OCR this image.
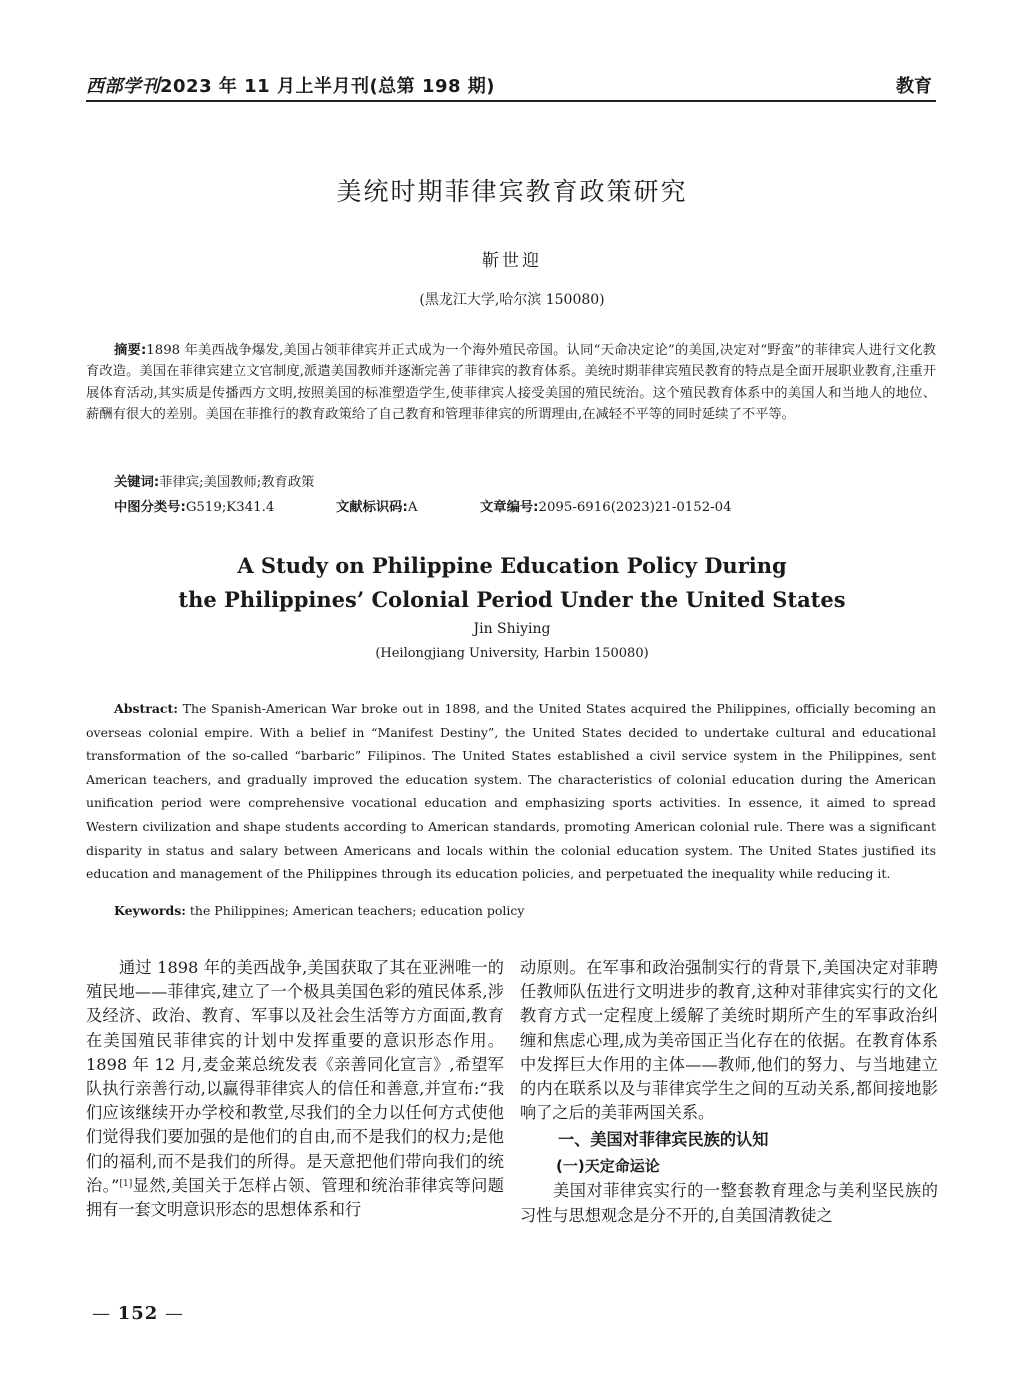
西部学刊2023 年 11 月上半月刊(总第 198 期)	教育
美统时期菲律宾教育政策研究
靳世迎
(黑龙江大学,哈尔滨 150080)

摘要:1898 年美西战争爆发,美国占领菲律宾并正式成为一个海外殖民帝国。认同“天命决定论”的美国,决定对“野蛮”的菲律宾人进行文化教育改造。美国在菲律宾建立文官制度,派遣美国教师并逐渐完善了菲律宾的教育体系。美统时期菲律宾殖民教育的特点是全面开展职业教育,注重开展体育活动,其实质是传播西方文明,按照美国的标准塑造学生,使菲律宾人接受美国的殖民统治。这个殖民教育体系中的美国人和当地人的地位、薪酬有很大的差别。美国在菲推行的教育政策给了自己教育和管理菲律宾的所谓理由,在减轻不平等的同时延续了不平等。

关键词:菲律宾;美国教师;教育政策

中图分类号:G519;K341.4	文献标识码:A	文章编号:2095-6916(2023)21-0152-04
A Study on Philippine Education Policy During
the Philippines’ Colonial Period Under the United States
Jin Shiying
(Heilongjiang University, Harbin 150080)

Abstract: The Spanish-American War broke out in 1898, and the United States acquired the Philippines, officially becoming an overseas colonial empire. With a belief in “Manifest Destiny”, the United States decided to undertake cultural and educational transformation of the so-called “barbaric” Filipinos. The United States established a civil service system in the Philippines, sent American teachers, and gradually improved the education system. The characteristics of colonial education during the American unification period were comprehensive vocational education and emphasizing sports activities. In essence, it aimed to spread Western civilization and shape students according to American standards, promoting American colonial rule. There was a significant disparity in status and salary between Americans and locals within the colonial education system. The United States justified its education and management of the Philippines through its education policies, and perpetuated the inequality while reducing it.

Keywords: the Philippines; American teachers; education policy

通过 1898 年的美西战争,美国获取了其在亚洲唯一的殖民地——菲律宾,建立了一个极具美国色彩的殖民体系,涉及经济、政治、教育、军事以及社会生活等方方面面,教育在美国殖民菲律宾的计划中发挥重要的意识形态作用。1898 年 12 月,麦金莱总统发表《亲善同化宣言》,希望军队执行亲善行动,以赢得菲律宾人的信任和善意,并宣布:“我们应该继续开办学校和教堂,尽我们的全力以任何方式使他们觉得我们要加强的是他们的自由,而不是我们的权力;是他们的福利,而不是我们的所得。是天意把他们带向我们的统治。”[1]显然,美国关于怎样占领、管理和统治菲律宾等问题拥有一套文明意识形态的思想体系和行

动原则。在军事和政治强制实行的背景下,美国决定对菲聘任教师队伍进行文明进步的教育,这种对菲律宾实行的文化教育方式一定程度上缓解了美统时期所产生的军事政治纠缠和焦虑心理,成为美帝国正当化存在的依据。在教育体系中发挥巨大作用的主体——教师,他们的努力、与当地建立的内在联系以及与菲律宾学生之间的互动关系,都间接地影响了之后的美菲两国关系。

一、美国对菲律宾民族的认知
(一)天定命运论

美国对菲律宾实行的一整套教育理念与美利坚民族的习性与思想观念是分不开的,自美国清教徒之

— 152 —
